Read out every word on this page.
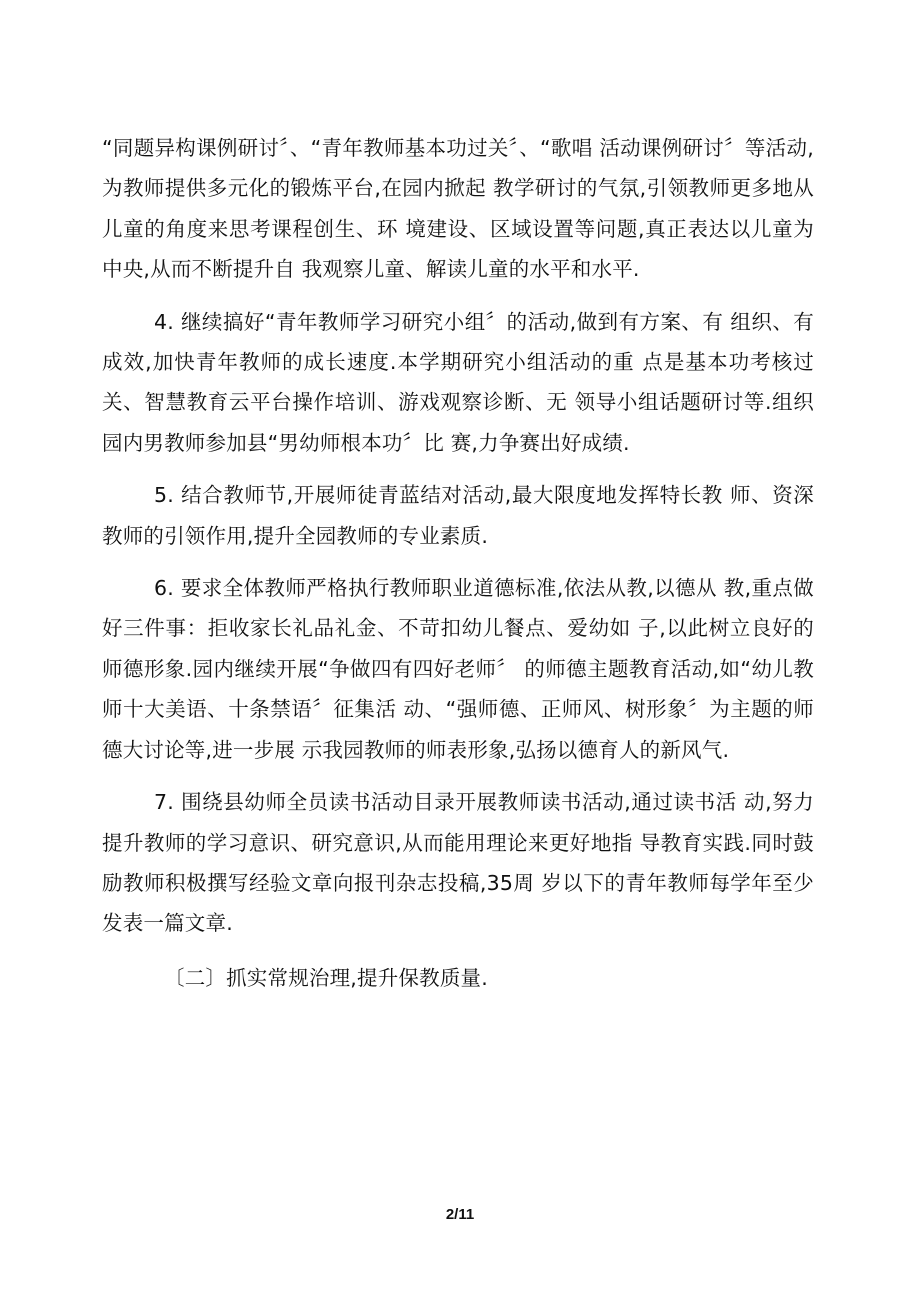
“同题异构课例研讨〞、“青年教师基本功过关〞、“歌唱 活动课例研讨〞等活动,为教师提供多元化的锻炼平台,在园内掀起 教学研讨的气氛,引领教师更多地从儿童的角度来思考课程创生、环 境建设、区域设置等问题,真正表达以儿童为中央,从而不断提升自 我观察儿童、解读儿童的水平和水平.

4. 继续搞好“青年教师学习研究小组〞的活动,做到有方案、有 组织、有成效,加快青年教师的成长速度.本学期研究小组活动的重 点是基本功考核过关、智慧教育云平台操作培训、游戏观察诊断、无 领导小组话题研讨等.组织园内男教师参加县“男幼师根本功〞比 赛,力争赛出好成绩.

5. 结合教师节,开展师徒青蓝结对活动,最大限度地发挥特长教 师、资深教师的引领作用,提升全园教师的专业素质.

6. 要求全体教师严格执行教师职业道德标准,依法从教,以德从 教,重点做好三件事：拒收家长礼品礼金、不苛扣幼儿餐点、爱幼如 子,以此树立良好的师德形象.园内继续开展“争做四有四好老师〞 的师德主题教育活动,如“幼儿教师十大美语、十条禁语〞征集活 动、“强师德、正师风、树形象〞为主题的师德大讨论等,进一步展 示我园教师的师表形象,弘扬以德育人的新风气.

7. 围绕县幼师全员读书活动目录开展教师读书活动,通过读书活 动,努力提升教师的学习意识、研究意识,从而能用理论来更好地指 导教育实践.同时鼓励教师积极撰写经验文章向报刊杂志投稿,35周 岁以下的青年教师每学年至少发表一篇文章.

〔二〕抓实常规治理,提升保教质量.

2/11
